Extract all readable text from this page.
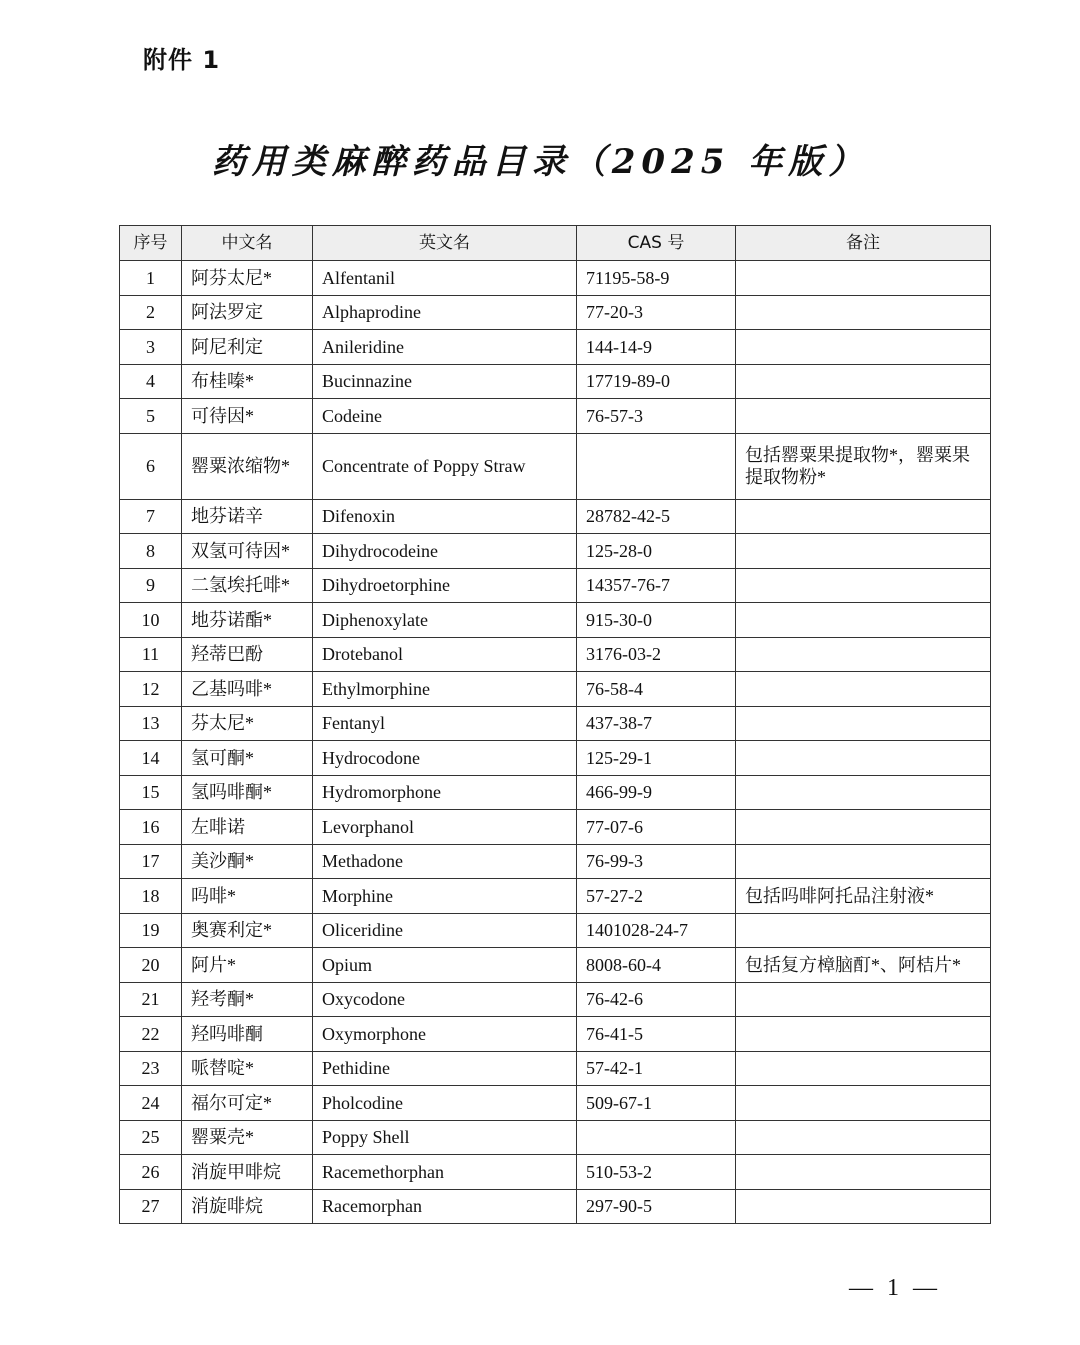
附件 1
药用类麻醉药品目录（2025 年版）
序号	中文名	英文名	CAS 号	备注
1	阿芬太尼*	Alfentanil	71195-58-9	
2	阿法罗定	Alphaprodine	77-20-3	
3	阿尼利定	Anileridine	144-14-9	
4	布桂嗪*	Bucinnazine	17719-89-0	
5	可待因*	Codeine	76-57-3	
6	罂粟浓缩物*	Concentrate of Poppy Straw		包括罂粟果提取物*，罂粟果提取物粉*
7	地芬诺辛	Difenoxin	28782-42-5	
8	双氢可待因*	Dihydrocodeine	125-28-0	
9	二氢埃托啡*	Dihydroetorphine	14357-76-7	
10	地芬诺酯*	Diphenoxylate	915-30-0	
11	羟蒂巴酚	Drotebanol	3176-03-2	
12	乙基吗啡*	Ethylmorphine	76-58-4	
13	芬太尼*	Fentanyl	437-38-7	
14	氢可酮*	Hydrocodone	125-29-1	
15	氢吗啡酮*	Hydromorphone	466-99-9	
16	左啡诺	Levorphanol	77-07-6	
17	美沙酮*	Methadone	76-99-3	
18	吗啡*	Morphine	57-27-2	包括吗啡阿托品注射液*
19	奥赛利定*	Oliceridine	1401028-24-7	
20	阿片*	Opium	8008-60-4	包括复方樟脑酊*、阿桔片*
21	羟考酮*	Oxycodone	76-42-6	
22	羟吗啡酮	Oxymorphone	76-41-5	
23	哌替啶*	Pethidine	57-42-1	
24	福尔可定*	Pholcodine	509-67-1	
25	罂粟壳*	Poppy Shell		
26	消旋甲啡烷	Racemethorphan	510-53-2	
27	消旋啡烷	Racemorphan	297-90-5	
— 1 —
